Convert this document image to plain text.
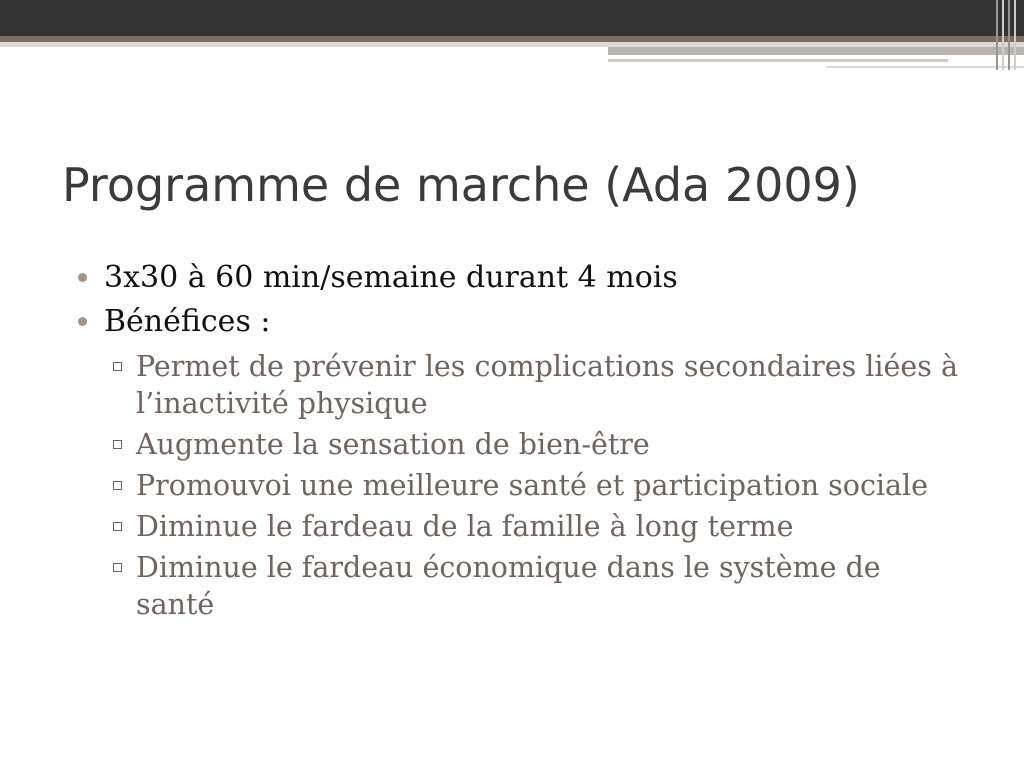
Programme de marche (Ada 2009)
3x30 à 60 min/semaine durant 4 mois
Bénéfices :
Permet de prévenir les complications secondaires liées à l’inactivité physique
Augmente la sensation de bien-être
Promouvoi une meilleure santé et participation sociale
Diminue le fardeau de la famille à long terme
Diminue le fardeau économique dans le système de santé
